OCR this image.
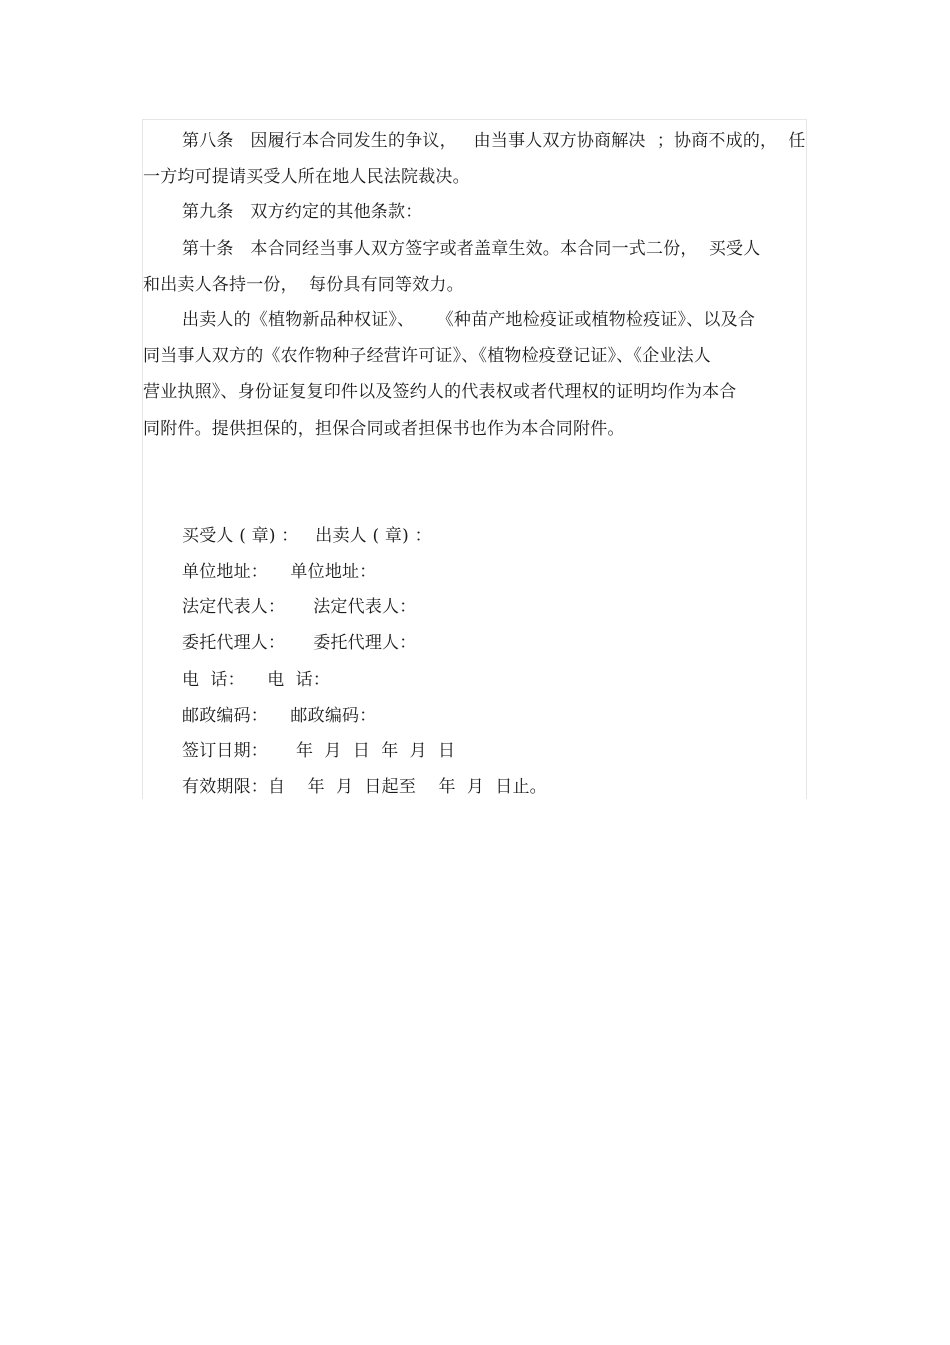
第八条   因履行本合同发生的争议，   由当事人双方协商解决  ；协商不成的，  任
一方均可提请买受人所在地人民法院裁决。
第九条   双方约定的其他条款：
第十条   本合同经当事人双方签字或者盖章生效。本合同一式二份，  买受人
和出卖人各持一份，  每份具有同等效力。
出卖人的《植物新品种权证》、    《种苗产地检疫证或植物检疫证》、以及合
同当事人双方的《农作物种子经营许可证》、《植物检疫登记证》、《企业法人
营业执照》、身份证复复印件以及签约人的代表权或者代理权的证明均作为本合
同附件。提供担保的，担保合同或者担保书也作为本合同附件。
买受人 ( 章) ：   出卖人 ( 章) ：
单位地址：    单位地址：
法定代表人：     法定代表人：
委托代理人：     委托代理人：
电  话：    电  话：
邮政编码：    邮政编码：
签订日期：     年  月  日  年  月  日
有效期限：自    年  月  日起至    年  月  日止。
